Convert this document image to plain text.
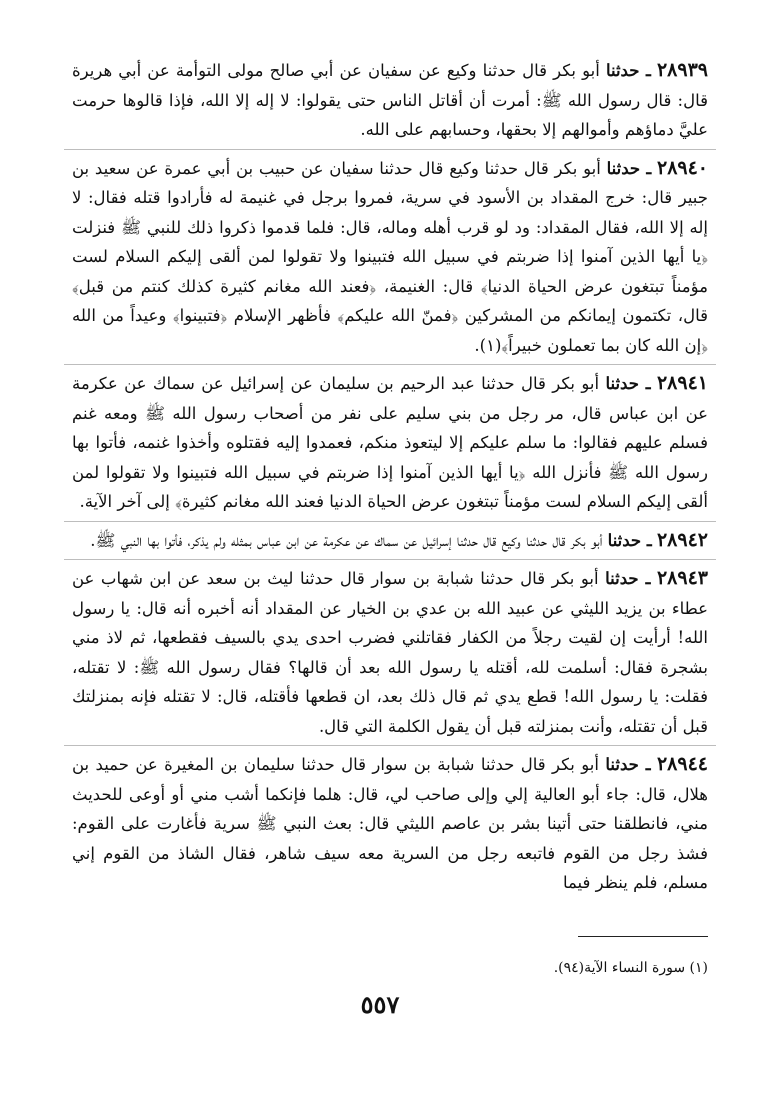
٢٨٩٣٩ ـ حدثنا أبو بكر قال حدثنا وكيع عن سفيان عن أبي صالح مولى التوأمة عن أبي هريرة قال: قال رسول الله ﷺ: أمرت أن أقاتل الناس حتى يقولوا: لا إله إلا الله، فإذا قالوها حرمت عليَّ دماؤهم وأموالهم إلا بحقها، وحسابهم على الله.

٢٨٩٤٠ ـ حدثنا أبو بكر قال حدثنا وكيع قال حدثنا سفيان عن حبيب بن أبي عمرة عن سعيد بن جبير قال: خرج المقداد بن الأسود في سرية، فمروا برجل في غنيمة له فأرادوا قتله فقال: لا إله إلا الله، فقال المقداد: ود لو قرب أهله وماله، قال: فلما قدموا ذكروا ذلك للنبي ﷺ فنزلت ﴿يا أيها الذين آمنوا إذا ضربتم في سبيل الله فتبينوا ولا تقولوا لمن ألقى إليكم السلام لست مؤمناً تبتغون عرض الحياة الدنيا﴾ قال: الغنيمة، ﴿فعند الله مغانم كثيرة كذلك كنتم من قبل﴾ قال، تكتمون إيمانكم من المشركين ﴿فمنّ الله عليكم﴾ فأظهر الإسلام ﴿فتبينوا﴾ وعيداً من الله ﴿إن الله كان بما تعملون خبيراً﴾(١).

٢٨٩٤١ ـ حدثنا أبو بكر قال حدثنا عبد الرحيم بن سليمان عن إسرائيل عن سماك عن عكرمة عن ابن عباس قال، مر رجل من بني سليم على نفر من أصحاب رسول الله ﷺ ومعه غنم فسلم عليهم فقالوا: ما سلم عليكم إلا ليتعوذ منكم، فعمدوا إليه فقتلوه وأخذوا غنمه، فأتوا بها رسول الله ﷺ فأنزل الله ﴿يا أيها الذين آمنوا إذا ضربتم في سبيل الله فتبينوا ولا تقولوا لمن ألقى إليكم السلام لست مؤمناً تبتغون عرض الحياة الدنيا فعند الله مغانم كثيرة﴾ إلى آخر الآية.

٢٨٩٤٢ ـ حدثنا أبو بكر قال حدثنا وكيع قال حدثنا إسرائيل عن سماك عن عكرمة عن ابن عباس بمثله ولم يذكر، فأتوا بها النبي ﷺ.

٢٨٩٤٣ ـ حدثنا أبو بكر قال حدثنا شبابة بن سوار قال حدثنا ليث بن سعد عن ابن شهاب عن عطاء بن يزيد الليثي عن عبيد الله بن عدي بن الخيار عن المقداد أنه أخبره أنه قال: يا رسول الله! أرأيت إن لقيت رجلاً من الكفار فقاتلني فضرب احدى يدي بالسيف فقطعها، ثم لاذ مني بشجرة فقال: أسلمت لله، أقتله يا رسول الله بعد أن قالها؟ فقال رسول الله ﷺ: لا تقتله، فقلت: يا رسول الله! قطع يدي ثم قال ذلك بعد، ان قطعها فأقتله، قال: لا تقتله فإنه بمنزلتك قبل أن تقتله، وأنت بمنزلته قبل أن يقول الكلمة التي قال.

٢٨٩٤٤ ـ حدثنا أبو بكر قال حدثنا شبابة بن سوار قال حدثنا سليمان بن المغيرة عن حميد بن هلال، قال: جاء أبو العالية إلي وإلى صاحب لي، قال: هلما فإنكما أشب مني أو أوعى للحديث مني، فانطلقنا حتى أتينا بشر بن عاصم الليثي قال: بعث النبي ﷺ سرية فأغارت على القوم: فشذ رجل من القوم فاتبعه رجل من السرية معه سيف شاهر، فقال الشاذ من القوم إني مسلم، فلم ينظر فيما

(١) سورة النساء الآية(٩٤).
٥٥٧
